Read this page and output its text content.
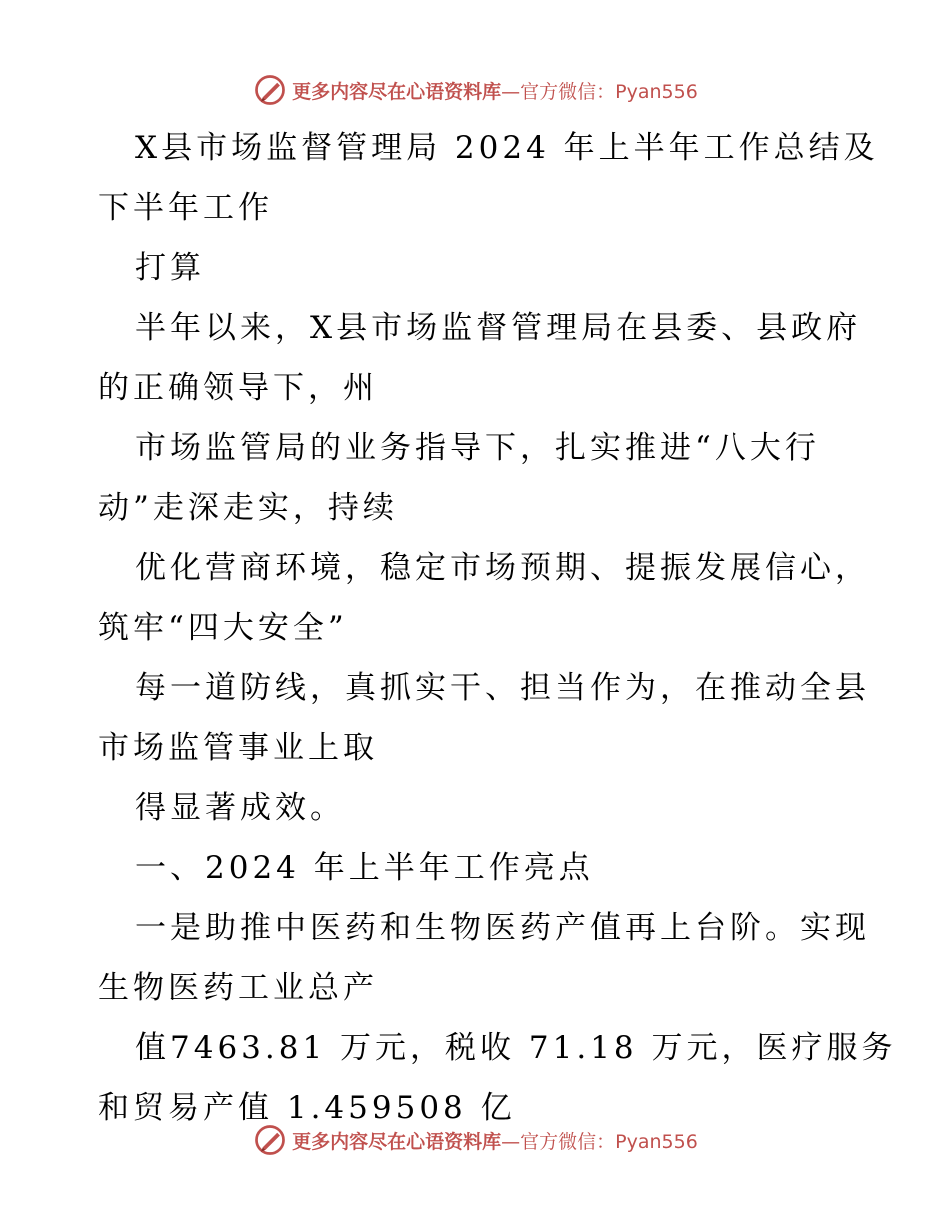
更多内容尽在心语资料库 —官方微信：Pyan556
X县市场监督管理局 2024 年上半年工作总结及
下半年工作
打算
半年以来，X县市场监督管理局在县委、县政府
的正确领导下，州
市场监管局的业务指导下，扎实推进“八大行
动”走深走实，持续
优化营商环境，稳定市场预期、提振发展信心，
筑牢“四大安全”
每一道防线，真抓实干、担当作为，在推动全县
市场监管事业上取
得显著成效。
一、2024 年上半年工作亮点
一是助推中医药和生物医药产值再上台阶。实现
生物医药工业总产
值7463.81 万元，税收 71.18 万元，医疗服务
和贸易产值 1.459508 亿
更多内容尽在心语资料库 —官方微信：Pyan556
